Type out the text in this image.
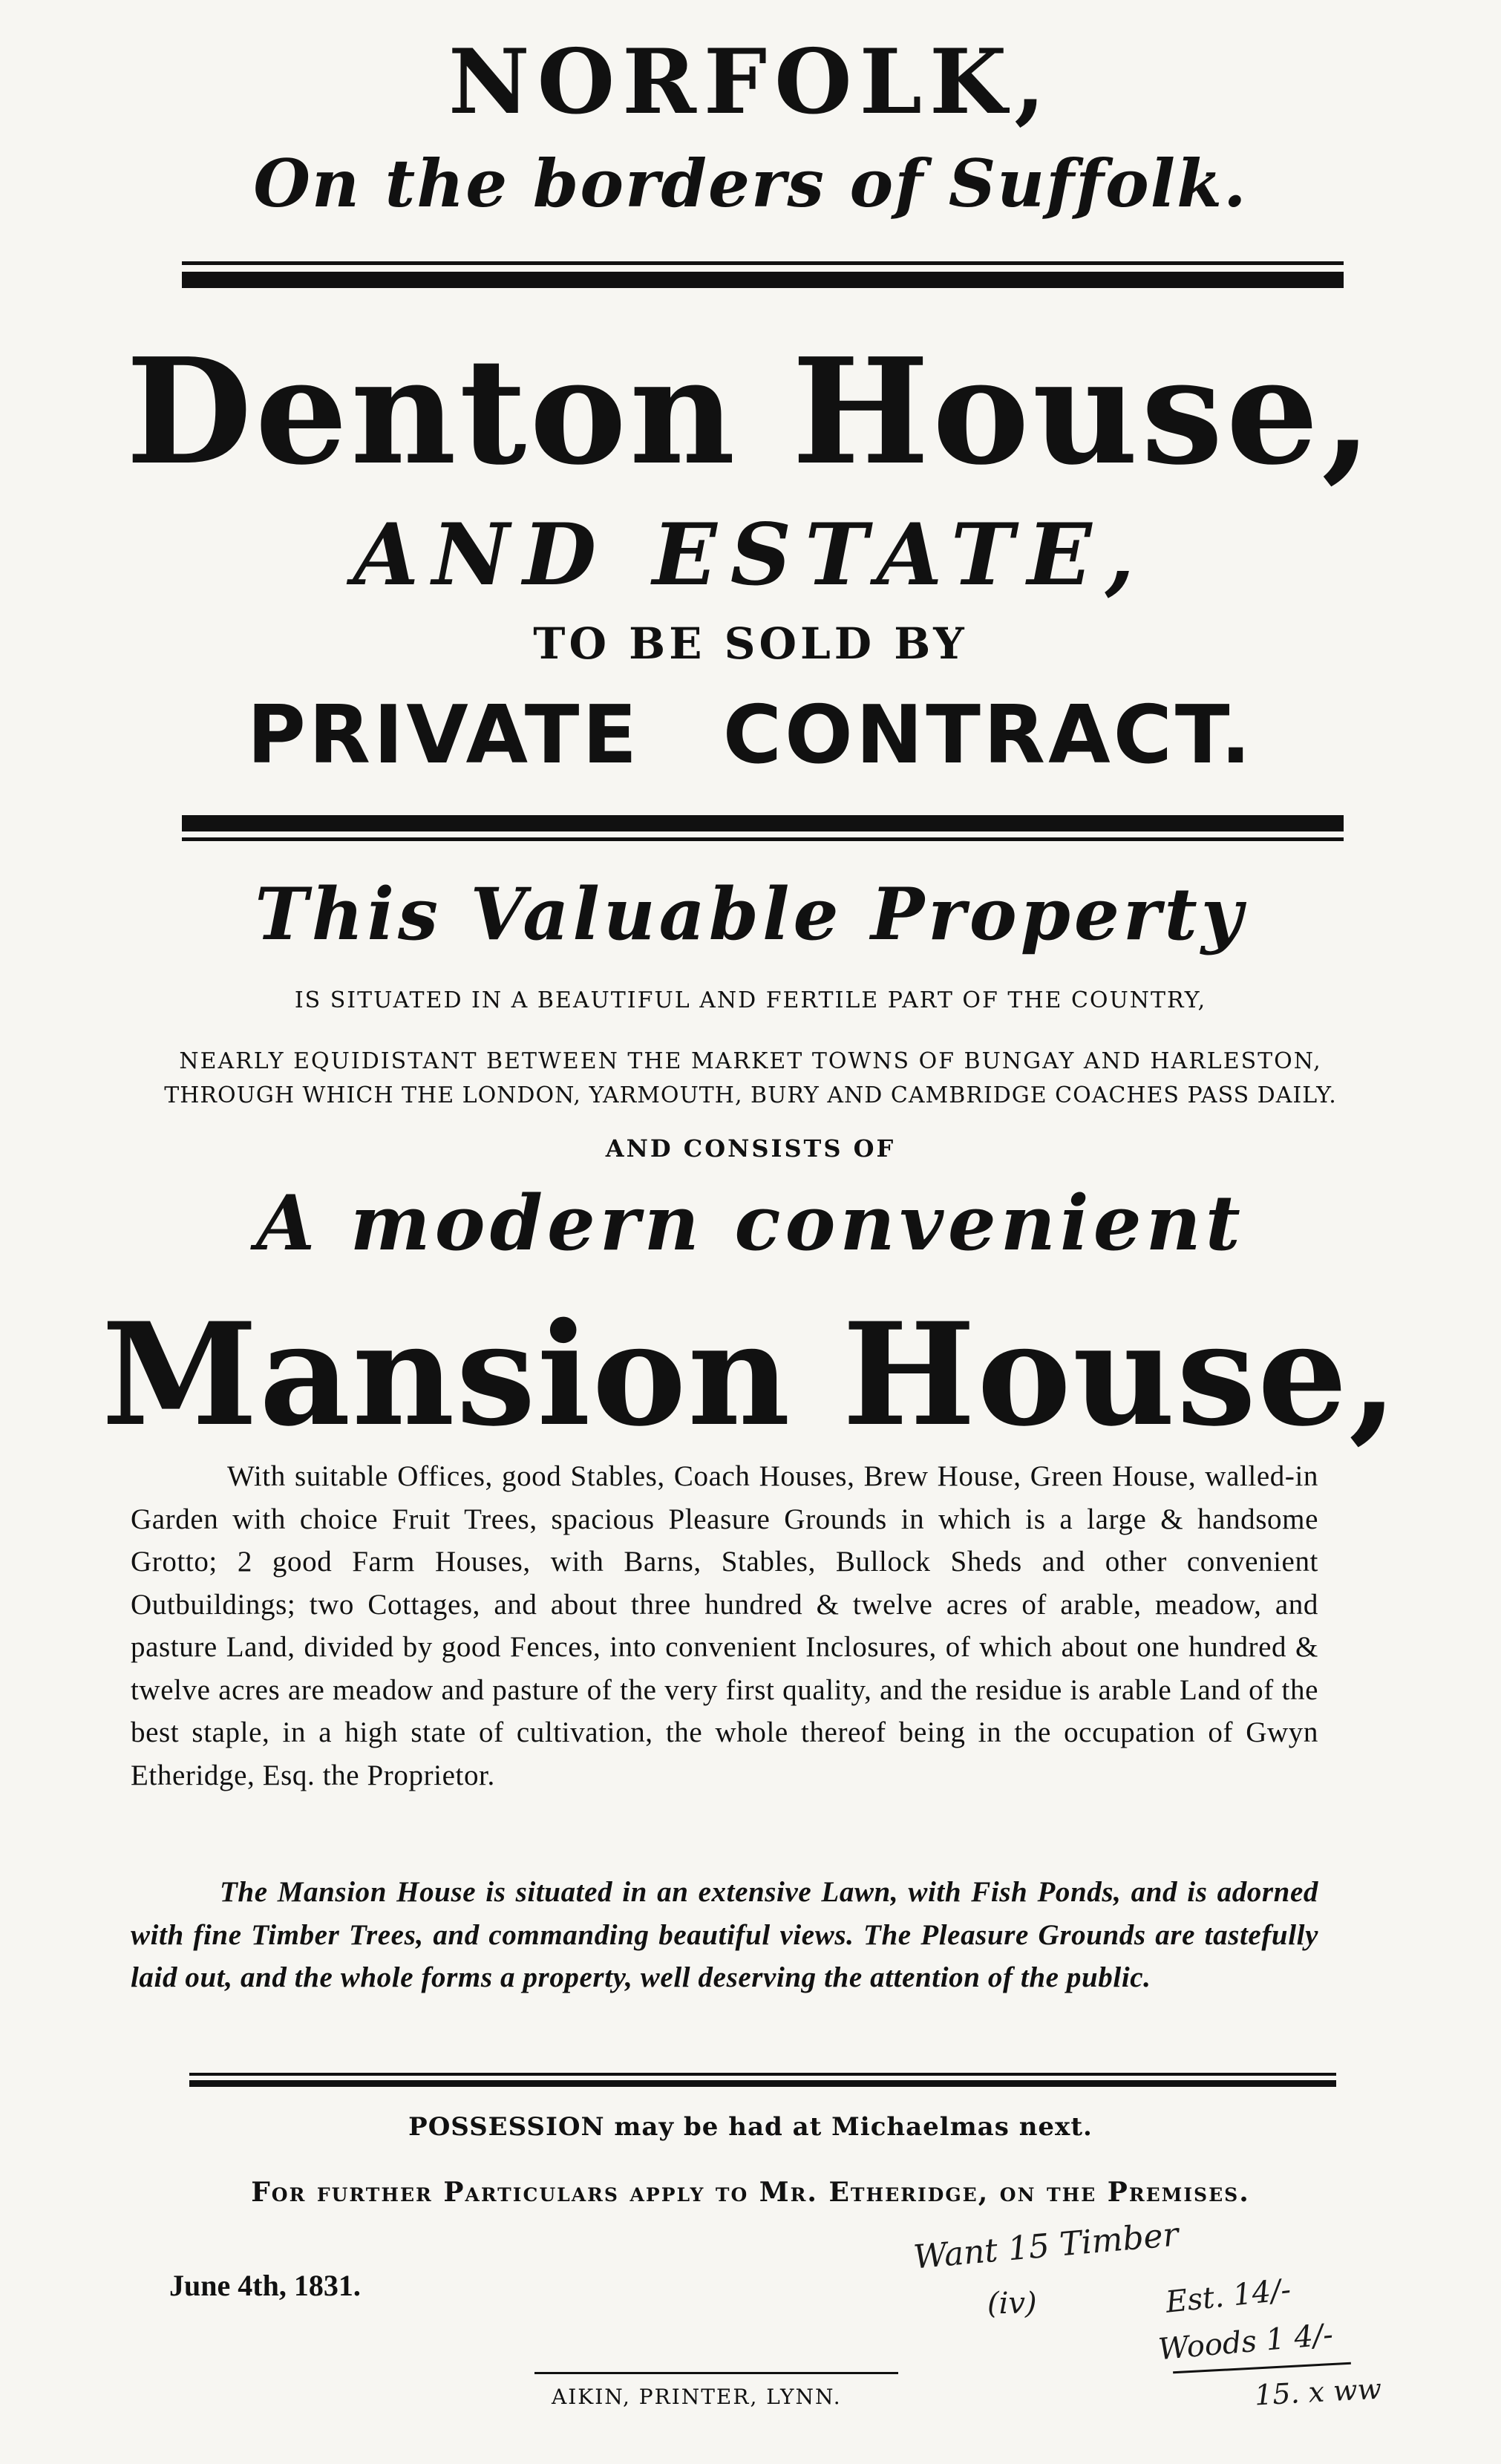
NORFOLK,
On the borders of Suffolk.
Denton House,
AND ESTATE,
TO BE SOLD BY
PRIVATE CONTRACT.
This Valuable Property
IS SITUATED IN A BEAUTIFUL AND FERTILE PART OF THE COUNTRY,
NEARLY EQUIDISTANT BETWEEN THE MARKET TOWNS OF BUNGAY AND HARLESTON,
THROUGH WHICH THE LONDON, YARMOUTH, BURY AND CAMBRIDGE COACHES PASS DAILY.
AND CONSISTS OF
A modern convenient
Mansion House,
With suitable Offices, good Stables, Coach Houses, Brew House, Green House, walled-in Garden with choice Fruit Trees, spacious Pleasure Grounds in which is a large & handsome Grotto; 2 good Farm Houses, with Barns, Stables, Bullock Sheds and other convenient Outbuildings; two Cottages, and about three hundred & twelve acres of arable, meadow, and pasture Land, divided by good Fences, into convenient Inclosures, of which about one hundred & twelve acres are meadow and pasture of the very first quality, and the residue is arable Land of the best staple, in a high state of cultivation, the whole thereof being in the occupation of Gwyn Etheridge, Esq. the Proprietor.
The Mansion House is situated in an extensive Lawn, with Fish Ponds, and is adorned with fine Timber Trees, and commanding beautiful views. The Pleasure Grounds are tastefully laid out, and the whole forms a property, well deserving the attention of the public.
POSSESSION may be had at Michaelmas next.
For further Particulars apply to Mr. Etheridge, on the Premises.
June 4th, 1831.
AIKIN, PRINTER, LYNN.
Want 15 Timber
(iv)	Est. 14/-
Woods 1 4/-
15. x ww
